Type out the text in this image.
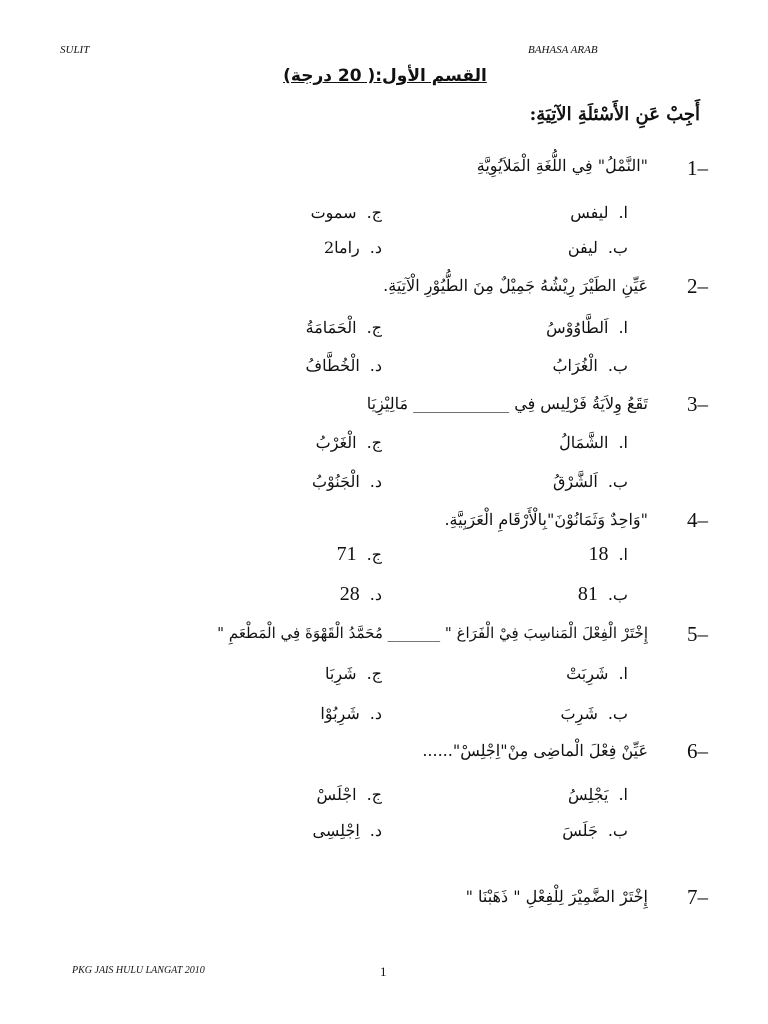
SULIT	BAHASA ARAB
القسم الأول:( 20 درجة)
أَجِبْ عَنِ الأَسْئلَةِ الآتِيَةِ:
1–
"النَّمْلُ" فِي اللُّغَةِ الْمَلاَيُوِيَّةِ
ا.ليفس
ج.سموت
ب.ليفن
د.راما2
2–
عَيِّنِ الطَيْرَ رِيْشُهُ جَمِيْلٌ مِنَ الطُّيُوْرِ الْآتِيَةِ.
ا.اَلطَّاوُوْسُ
ج.الْحَمَامَةُ
ب.الْغُرَابُ
د.الْخُطَّافُ
3–
تَقَعُ وِلاَيَةُ فَرْلِيس فِي ____________ مَالِيْزِيَا
ا.الشَّمَالُ
ج.الْغَرْبُ
ب.اَلشَّرْقُ
د.الْجَنُوْبُ
4–
"وَاحِدٌ وَثَمَانُوْنَ"بِالْأَرْقَامِ الْعَرَبِيَّةِ.
ا.18
ج.71
ب.81
د.28
5–
إِخْتَرْ الْفِعْلَ الْمَناسِبَ فِيْ الْفَرَاغ " _______ مُحَمَّدُ الْقَهْوَةَ فِي الْمَطْعَمِ "
ا.شَرِبَتْ
ج.شَرِبَا
ب.شَرِبَ
د.شَرِبُوْا
6–
عَيِّنْ فِعْلَ الْماضِى مِنْ"اِجْلِسْ"......
ا.يَجْلِسُ
ج.اجْلَسْ
ب.جَلَسَ
د.اِجْلِسِى
7–
إِخْتَرْ الضَّمِيْرَ لِلْفِعْلِ " ذَهَبْنَا "
PKG JAIS HULU LANGAT 2010	1
